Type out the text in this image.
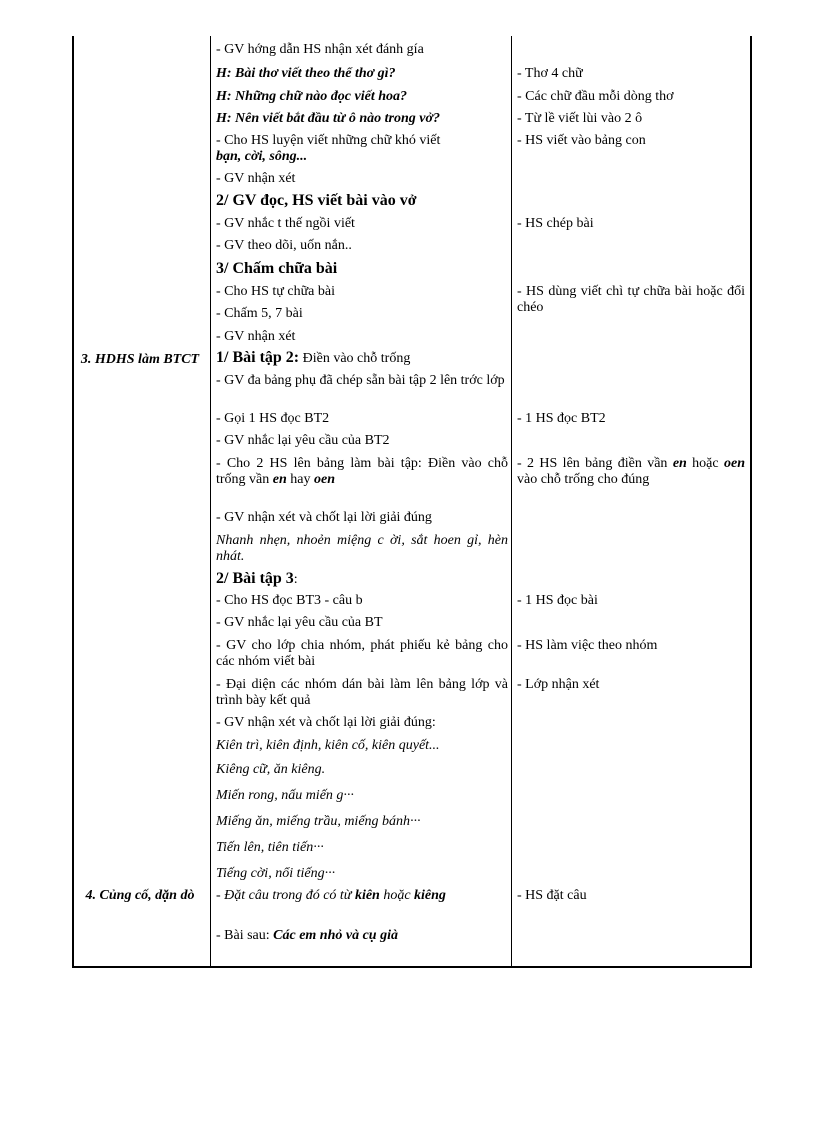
3. HDHS làm BTCT
4. Củng cố, dặn dò
- GV hớng dẫn HS nhận xét đánh gía
H: Bài thơ viết theo thể thơ gì?
H: Những chữ nào đọc viết hoa?
H: Nên viết bắt đầu từ ô nào trong vở?
- Cho HS luyện viết những chữ khó viết
bạn, cời, sông...
- GV nhận xét
2/ GV đọc, HS viết bài vào vở
- GV nhắc t thế ngồi viết
- GV theo dõi, uốn nắn..
3/ Chấm chữa bài
- Cho HS tự chữa bài
- Chấm 5, 7 bài
- GV nhận xét
1/ Bài tập 2: Điền vào chỗ trống
- GV đa bảng phụ đã chép sẵn bài tập 2 lên trớc lớp
- Gọi 1 HS đọc BT2
- GV nhắc lại yêu cầu của BT2
- Cho 2 HS lên bảng làm bài tập: Điền vào chỗ trống vần en hay oen
- GV nhận xét và chốt lại lời giải đúng
Nhanh nhẹn, nhoẻn miệng c ời, sắt hoen gỉ, hèn nhát.
2/ Bài tập 3:
- Cho HS đọc BT3 - câu b
- GV nhắc lại yêu cầu của BT
- GV cho lớp chia nhóm, phát phiếu kẻ bảng cho các nhóm viết bài
- Đại diện các nhóm dán bài làm lên bảng lớp và trình bày kết quả
- GV nhận xét và chốt lại lời giải đúng:
Kiên trì, kiên định, kiên cố, kiên quyết...
Kiêng cữ, ăn kiêng.
Miến rong, nấu miến g···
Miếng ăn, miếng trầu, miếng bánh···
Tiến lên, tiên tiến···
Tiếng cời, nổi tiếng···
- Đặt câu trong đó có từ kiên hoặc kiêng
- Bài sau: Các em nhỏ và cụ già
- Thơ 4 chữ
- Các chữ đầu mỗi dòng thơ
- Từ lề viết lùi vào 2 ô
- HS viết vào bảng con
- HS chép bài
- HS dùng viết chì tự chữa bài hoặc đổi chéo
- 1 HS đọc BT2
- 2 HS lên bảng điền vần en hoặc oen vào chỗ trống cho đúng
- 1 HS đọc bài
- HS làm việc theo nhóm
- Lớp nhận xét
- HS đặt câu
